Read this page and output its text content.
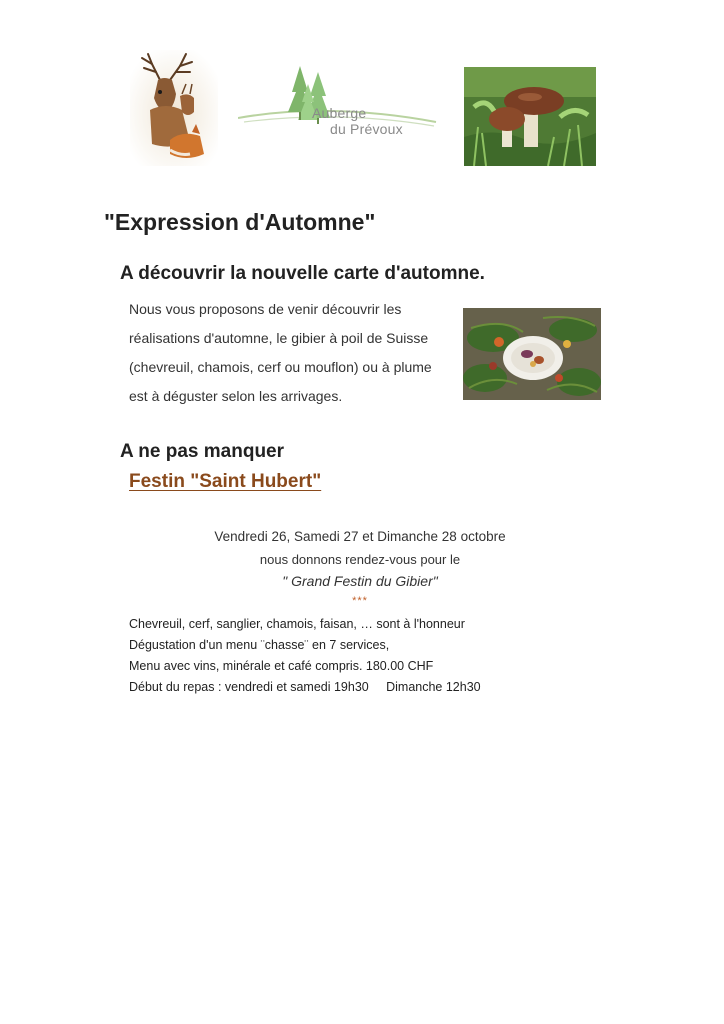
Auberge
du Prévoux
"Expression d'Automne"
A découvrir la nouvelle carte d'automne.
Nous vous proposons de venir découvrir les
réalisations d'automne, le gibier à poil de Suisse
(chevreuil, chamois, cerf ou mouflon) ou à plume
est à déguster selon les arrivages.
A ne pas manquer
Festin "Saint Hubert"
Vendredi 26, Samedi 27 et Dimanche 28 octobre
nous donnons rendez-vous pour le
" Grand Festin du Gibier"
***
Chevreuil, cerf, sanglier, chamois, faisan, … sont à l'honneur
Dégustation d'un menu ¨chasse¨ en 7 services,
Menu avec vins, minérale et café compris. 180.00 CHF
Début du repas : vendredi et samedi 19h30     Dimanche 12h30
